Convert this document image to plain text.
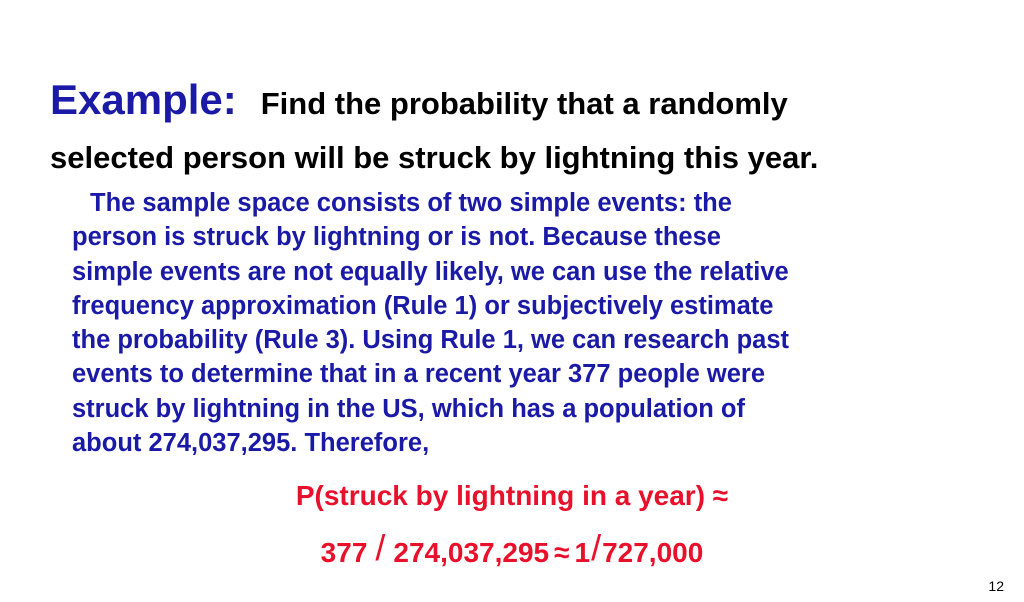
Example: Find the probability that a randomly
selected person will be struck by lightning this year.
The sample space consists of two simple events: the
person is struck by lightning or is not. Because these
simple events are not equally likely, we can use the relative
frequency approximation (Rule 1) or subjectively estimate
the probability (Rule 3). Using Rule 1, we can research past
events to determine that in a recent year 377 people were
struck by lightning in the US, which has a population of
about 274,037,295. Therefore,
P(struck by lightning in a year) ≈
377 / 274,037,295 ≈ 1/727,000
12
